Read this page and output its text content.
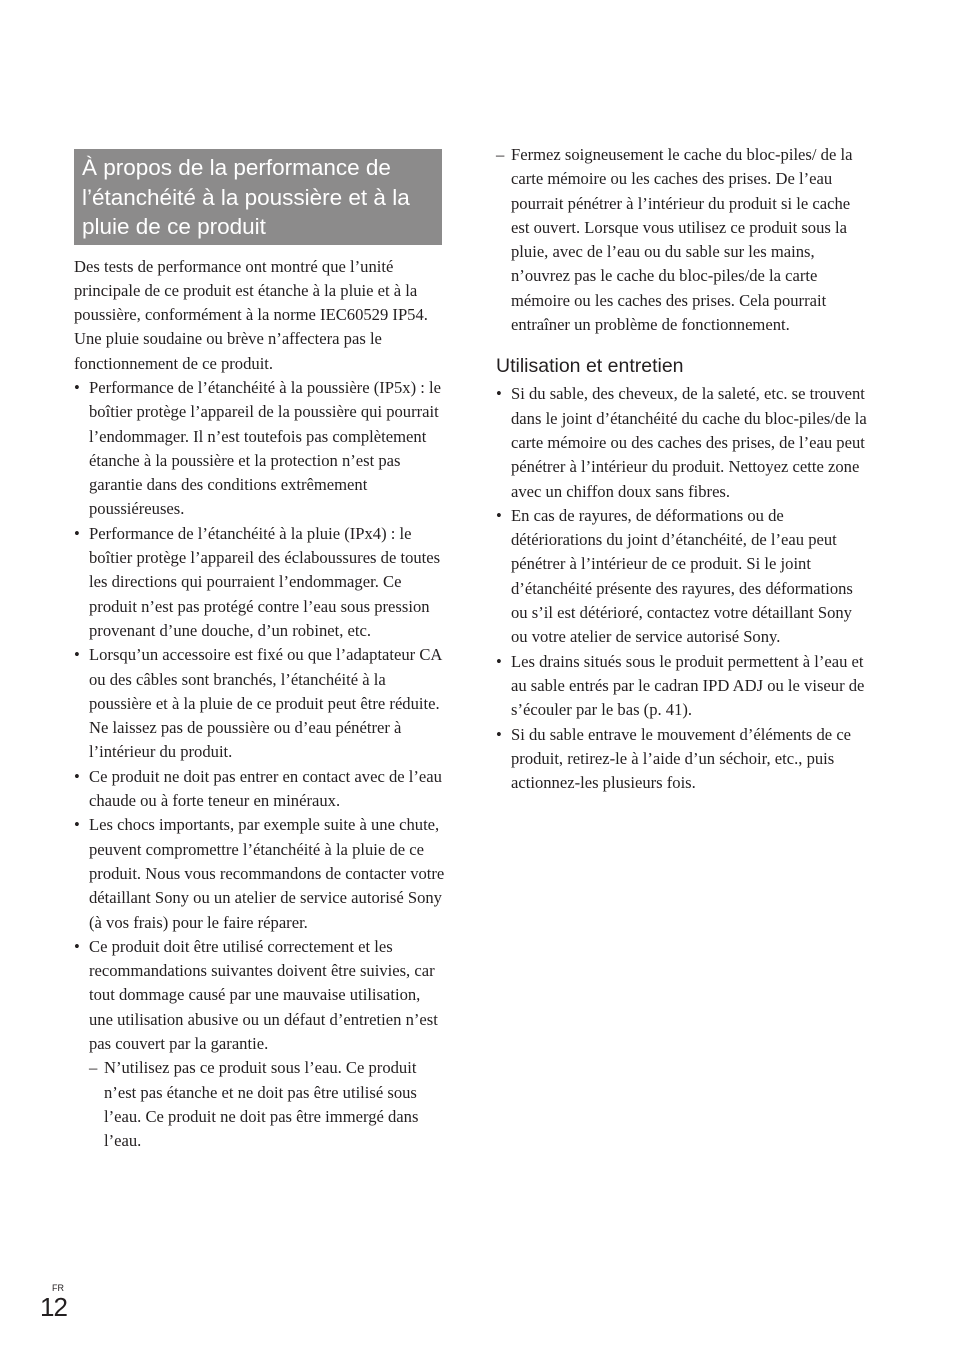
À propos de la performance de l’étanchéité à la poussière et à la pluie de ce produit

Des tests de performance ont montré que l’unité principale de ce produit est étanche à la pluie et à la poussière, conformément à la norme IEC60529 IP54.

Une pluie soudaine ou brève n’affectera pas le fonctionnement de ce produit.

• Performance de l’étanchéité à la poussière (IP5x) : le boîtier protège l’appareil de la poussière qui pourrait l’endommager. Il n’est toutefois pas complètement étanche à la poussière et la protection n’est pas garantie dans des conditions extrêmement poussiéreuses.
• Performance de l’étanchéité à la pluie (IPx4) : le boîtier protège l’appareil des éclaboussures de toutes les directions qui pourraient l’endommager. Ce produit n’est pas protégé contre l’eau sous pression provenant d’une douche, d’un robinet, etc.
• Lorsqu’un accessoire est fixé ou que l’adaptateur CA ou des câbles sont branchés, l’étanchéité à la poussière et à la pluie de ce produit peut être réduite. Ne laissez pas de poussière ou d’eau pénétrer à l’intérieur du produit.
• Ce produit ne doit pas entrer en contact avec de l’eau chaude ou à forte teneur en minéraux.
• Les chocs importants, par exemple suite à une chute, peuvent compromettre l’étanchéité à la pluie de ce produit. Nous vous recommandons de contacter votre détaillant Sony ou un atelier de service autorisé Sony (à vos frais) pour le faire réparer.
• Ce produit doit être utilisé correctement et les recommandations suivantes doivent être suivies, car tout dommage causé par une mauvaise utilisation, une utilisation abusive ou un défaut d’entretien n’est pas couvert par la garantie.
– N’utilisez pas ce produit sous l’eau. Ce produit n’est pas étanche et ne doit pas être utilisé sous l’eau. Ce produit ne doit pas être immergé dans l’eau.
– Fermez soigneusement le cache du bloc-piles/ de la carte mémoire ou les caches des prises. De l’eau pourrait pénétrer à l’intérieur du produit si le cache est ouvert. Lorsque vous utilisez ce produit sous la pluie, avec de l’eau ou du sable sur les mains, n’ouvrez pas le cache du bloc-piles/de la carte mémoire ou les caches des prises. Cela pourrait entraîner un problème de fonctionnement.
Utilisation et entretien
• Si du sable, des cheveux, de la saleté, etc. se trouvent dans le joint d’étanchéité du cache du bloc-piles/de la carte mémoire ou des caches des prises, de l’eau peut pénétrer à l’intérieur du produit. Nettoyez cette zone avec un chiffon doux sans fibres.
• En cas de rayures, de déformations ou de détériorations du joint d’étanchéité, de l’eau peut pénétrer à l’intérieur de ce produit. Si le joint d’étanchéité présente des rayures, des déformations ou s’il est détérioré, contactez votre détaillant Sony ou votre atelier de service autorisé Sony.
• Les drains situés sous le produit permettent à l’eau et au sable entrés par le cadran IPD ADJ ou le viseur de s’écouler par le bas (p. 41).
• Si du sable entrave le mouvement d’éléments de ce produit, retirez-le à l’aide d’un séchoir, etc., puis actionnez-les plusieurs fois.
FR
12
